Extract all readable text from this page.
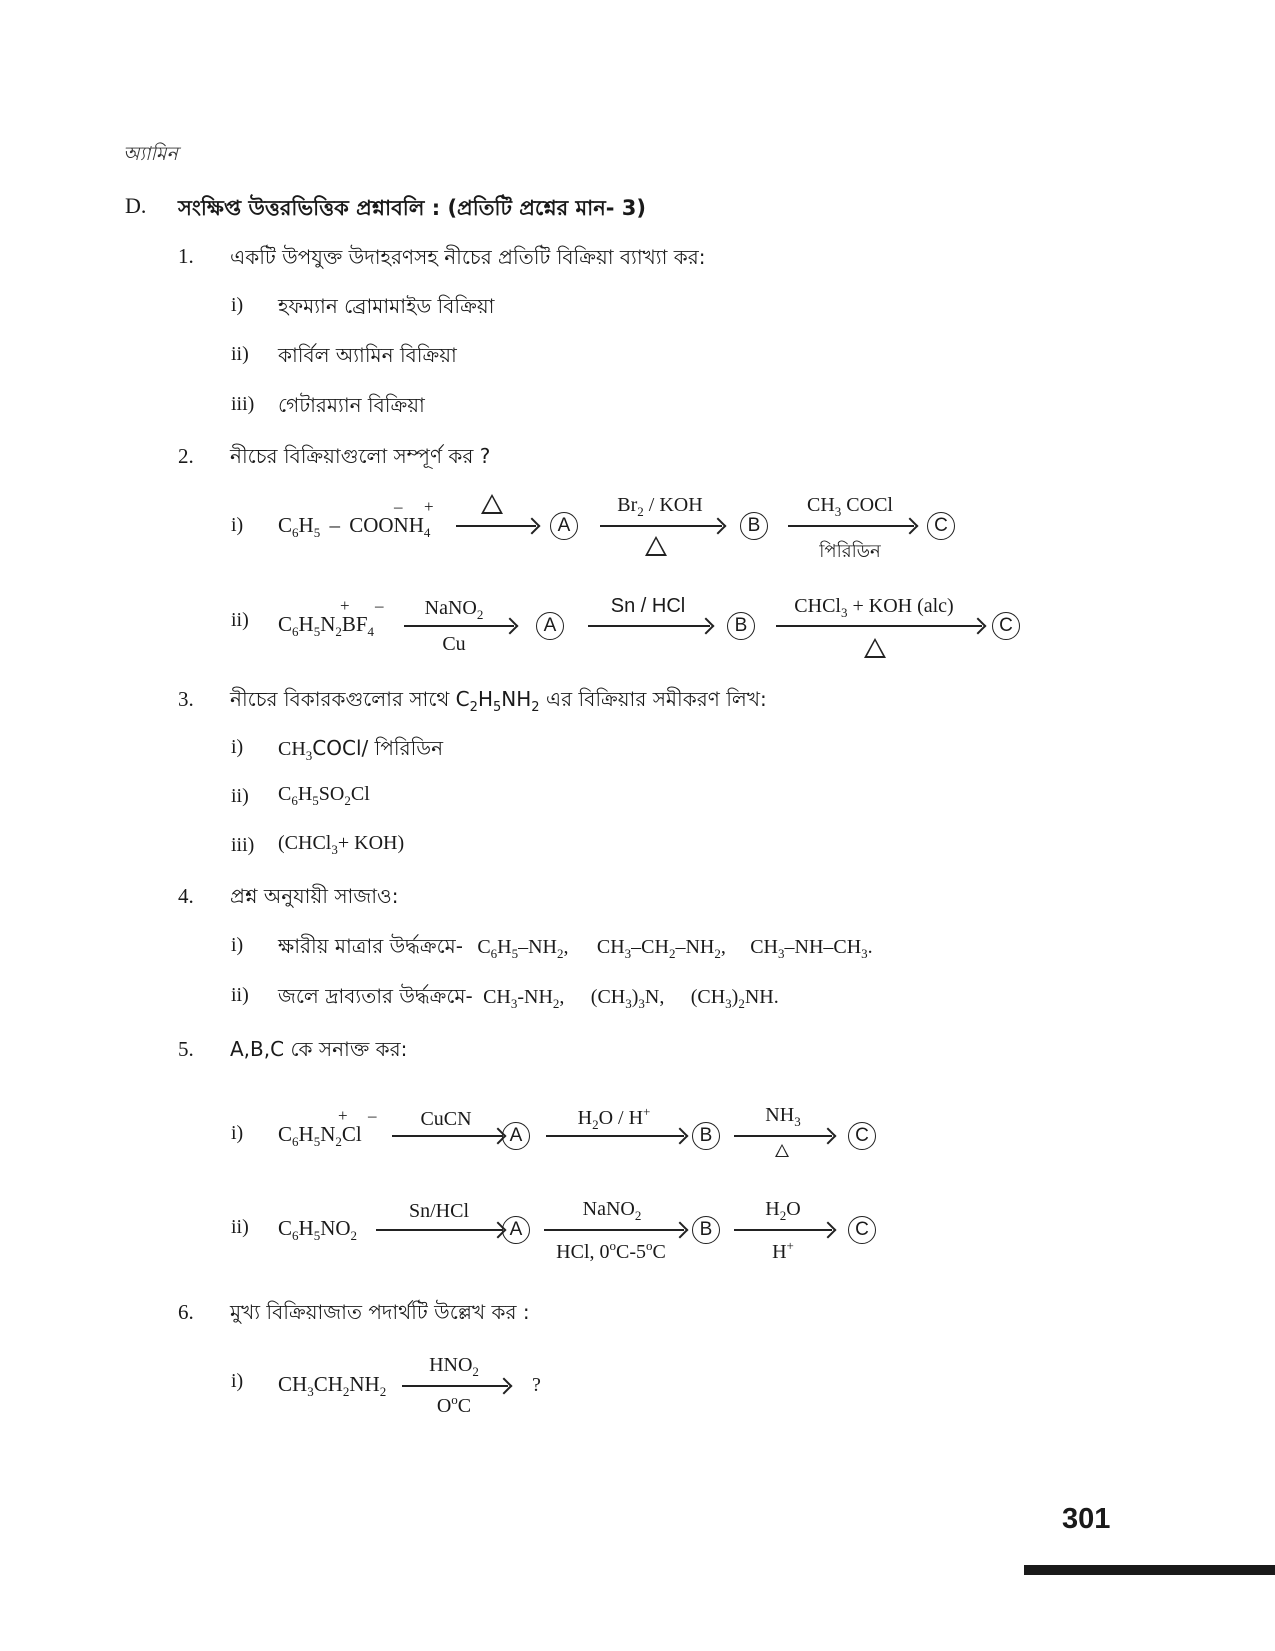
অ্যামিন
D. সংক্ষিপ্ত উত্তরভিত্তিক প্রশ্নাবলি : (প্রতিটি প্রশ্নের মান- 3)
1. একটি উপযুক্ত উদাহরণসহ নীচের প্রতিটি বিক্রিয়া ব্যাখ্যা কর:
i) হফম্যান ব্রোমামাইড বিক্রিয়া
ii) কার্বিল অ্যামিন বিক্রিয়া
iii) গেটারম্যান বিক্রিয়া
2. নীচের বিক্রিয়াগুলো সম্পূর্ণ কর ?
i) $C_6H_5$ – $COONH_4$
– +
A
$Br_2$ / KOH
B
$CH_3$ COCl
পিরিডিন
C
ii) $C_6H_5N_2BF_4$
+ –	NaNO$_2$
Cu
A
Sn / HCl
B
CHCl$_3$ + KOH (alc)
C
3. নীচের বিকারকগুলোর সাথে $C_2H_5NH_2$ এর বিক্রিয়ার সমীকরণ লিখ:
i) $CH_3COCl/$ পিরিডিন
ii) $C_6H_5SO_2Cl$
iii) (CHCl$_3$+ KOH)
4. প্রশ্ন অনুযায়ী সাজাও:
i) ক্ষারীয় মাত্রার উর্দ্ধক্রমে- $C_6H_5-NH_2$, $CH_3-CH_2-NH_2$, $CH_3-NH-CH_3$.
ii) জলে দ্রাব্যতার উর্দ্ধক্রমে- $CH_3-NH_2$, $(CH_3)_3N$, $(CH_3)_2NH$.
5. A,B,C কে সনাক্ত কর:
i) $C_6H_5N_2Cl$
+ –	CuCN
A
$H_2O / H^+$
B
$NH_3$
C
ii) $C_6H_5NO_2$
Sn/HCl
A
NaNO$_2$
HCl, 0$^o$C-5$^o$C
B
$H_2O$
H+
C
6. মুখ্য বিক্রিয়াজাত পদার্থটি উল্লেখ কর :
i) $CH_3CH_2NH_2$
$HNO_2$
$O^oC$
?
301
